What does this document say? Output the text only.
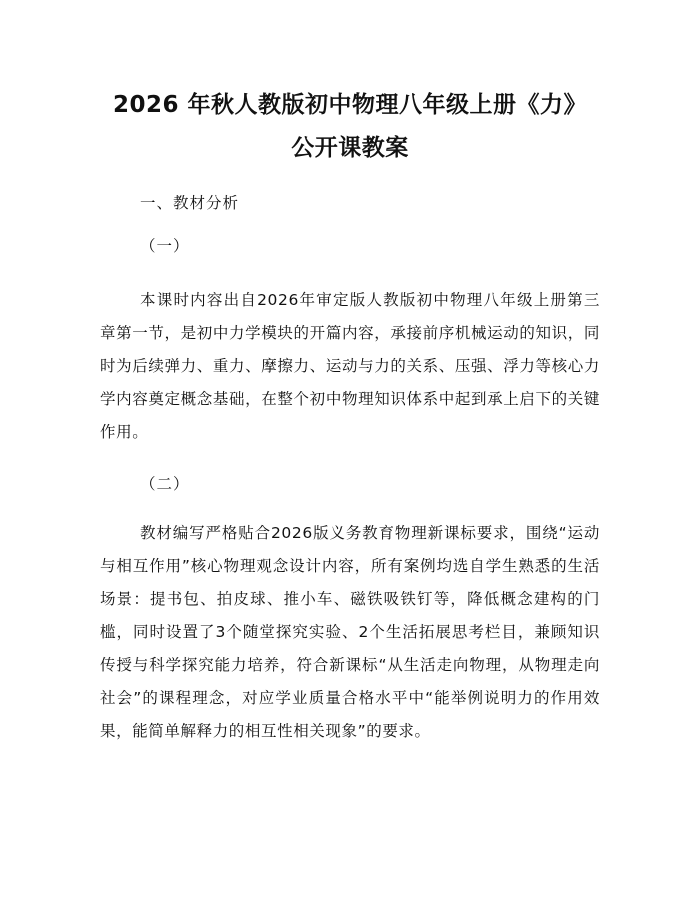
2026 年秋人教版初中物理八年级上册《力》
公开课教案

一、教材分析

（一）

本课时内容出自2026年审定版人教版初中物理八年级上册第三章第一节，是初中力学模块的开篇内容，承接前序机械运动的知识，同时为后续弹力、重力、摩擦力、运动与力的关系、压强、浮力等核心力学内容奠定概念基础，在整个初中物理知识体系中起到承上启下的关键作用。

（二）

教材编写严格贴合2026版义务教育物理新课标要求，围绕“运动与相互作用”核心物理观念设计内容，所有案例均选自学生熟悉的生活场景：提书包、拍皮球、推小车、磁铁吸铁钉等，降低概念建构的门槛，同时设置了3个随堂探究实验、2个生活拓展思考栏目，兼顾知识传授与科学探究能力培养，符合新课标“从生活走向物理，从物理走向社会”的课程理念，对应学业质量合格水平中“能举例说明力的作用效果，能简单解释力的相互性相关现象”的要求。
